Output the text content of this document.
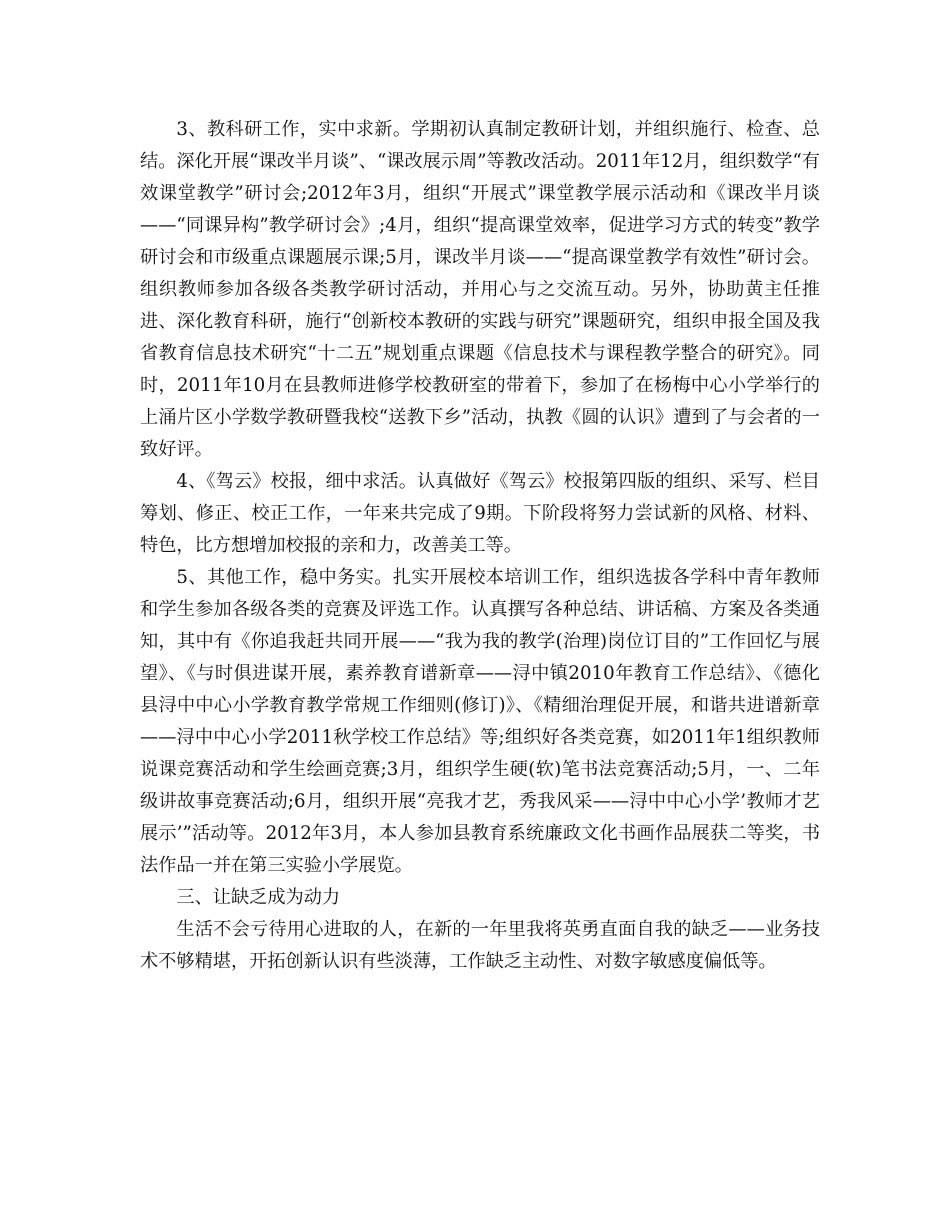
3、教科研工作，实中求新。学期初认真制定教研计划，并组织施行、检查、总结。深化开展“课改半月谈”、“课改展示周”等教改活动。2011年12月，组织数学“有效课堂教学”研讨会;2012年3月，组织“开展式”课堂教学展示活动和《课改半月谈——“同课异构”教学研讨会》;4月，组织“提高课堂效率，促进学习方式的转变”教学研讨会和市级重点课题展示课;5月，课改半月谈——“提高课堂教学有效性”研讨会。组织教师参加各级各类教学研讨活动，并用心与之交流互动。另外，协助黄主任推进、深化教育科研，施行“创新校本教研的实践与研究”课题研究，组织申报全国及我省教育信息技术研究“十二五”规划重点课题《信息技术与课程教学整合的研究》。同时，2011年10月在县教师进修学校教研室的带着下，参加了在杨梅中心小学举行的上涌片区小学数学教研暨我校“送教下乡”活动，执教《圆的认识》遭到了与会者的一致好评。

4、《驾云》校报，细中求活。认真做好《驾云》校报第四版的组织、采写、栏目筹划、修正、校正工作，一年来共完成了9期。下阶段将努力尝试新的风格、材料、特色，比方想增加校报的亲和力，改善美工等。

5、其他工作，稳中务实。扎实开展校本培训工作，组织选拔各学科中青年教师和学生参加各级各类的竞赛及评选工作。认真撰写各种总结、讲话稿、方案及各类通知，其中有《你追我赶共同开展——“我为我的教学(治理)岗位订目的”工作回忆与展望》、《与时俱进谋开展，素养教育谱新章——浔中镇2010年教育工作总结》、《德化县浔中中心小学教育教学常规工作细则(修订)》、《精细治理促开展，和谐共进谱新章——浔中中心小学2011秋学校工作总结》等;组织好各类竞赛，如2011年1组织教师说课竞赛活动和学生绘画竞赛;3月，组织学生硬(软)笔书法竞赛活动;5月，一、二年级讲故事竞赛活动;6月，组织开展“亮我才艺，秀我风采——浔中中心小学’教师才艺展示’”活动等。2012年3月，本人参加县教育系统廉政文化书画作品展获二等奖，书法作品一并在第三实验小学展览。

三、让缺乏成为动力

生活不会亏待用心进取的人，在新的一年里我将英勇直面自我的缺乏——业务技术不够精堪，开拓创新认识有些淡薄，工作缺乏主动性、对数字敏感度偏低等。
